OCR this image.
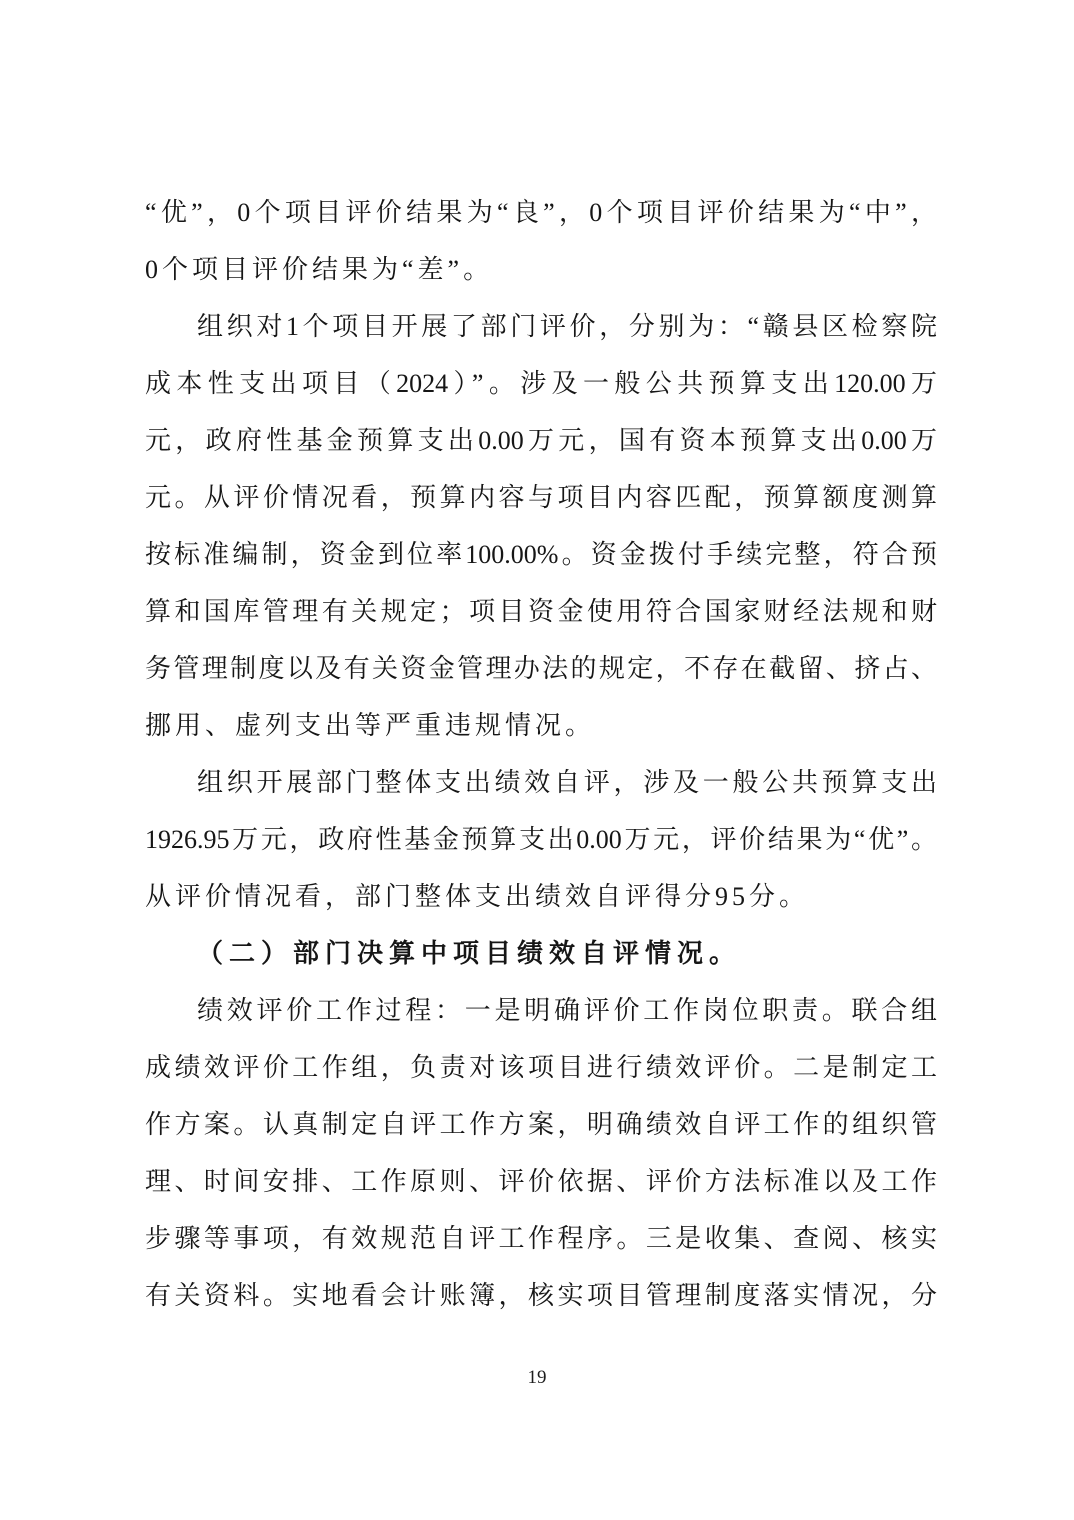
“优”，0个项目评价结果为“良”，0个项目评价结果为“中”，
0个项目评价结果为“差”。
组织对1个项目开展了部门评价，分别为：“赣县区检察院
成本性支出项目（2024）”。涉及一般公共预算支出120.00万
元，政府性基金预算支出0.00万元，国有资本预算支出0.00万
元。从评价情况看，预算内容与项目内容匹配，预算额度测算
按标准编制，资金到位率100.00%。资金拨付手续完整，符合预
算和国库管理有关规定；项目资金使用符合国家财经法规和财
务管理制度以及有关资金管理办法的规定，不存在截留、挤占、
挪用、虚列支出等严重违规情况。
组织开展部门整体支出绩效自评，涉及一般公共预算支出
1926.95万元，政府性基金预算支出0.00万元，评价结果为“优”。
从评价情况看，部门整体支出绩效自评得分95分。
（二）部门决算中项目绩效自评情况。
绩效评价工作过程：一是明确评价工作岗位职责。联合组
成绩效评价工作组，负责对该项目进行绩效评价。二是制定工
作方案。认真制定自评工作方案，明确绩效自评工作的组织管
理、时间安排、工作原则、评价依据、评价方法标准以及工作
步骤等事项，有效规范自评工作程序。三是收集、查阅、核实
有关资料。实地看会计账簿，核实项目管理制度落实情况，分
19
